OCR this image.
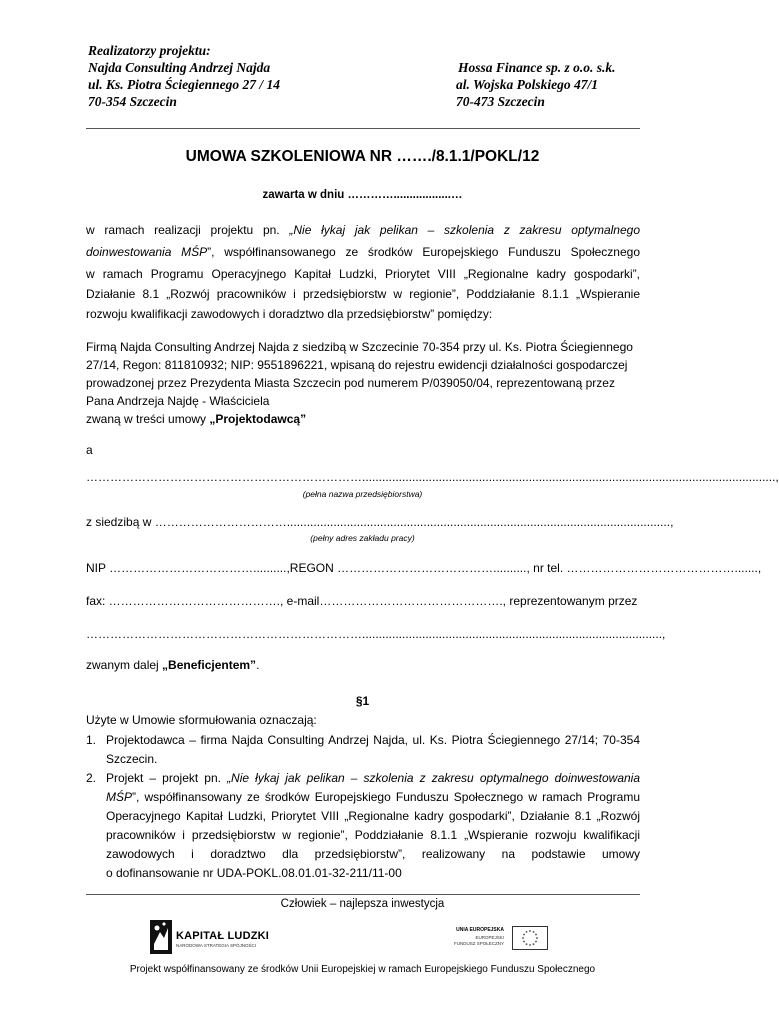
Realizatorzy projektu:
Najda Consulting Andrzej Najda
ul. Ks. Piotra Ściegiennego 27 / 14
70-354 Szczecin
Hossa Finance sp. z o.o. s.k.
al. Wojska Polskiego 47/1
70-473 Szczecin
UMOWA SZKOLENIOWA NR ……./8.1.1/POKL/12
zawarta w dniu …………..................…
w ramach realizacji projektu pn. „Nie łykaj jak pelikan – szkolenia z zakresu optymalnego
doinwestowania MŚP”, współfinansowanego ze środków Europejskiego Funduszu Społecznego
w ramach Programu Operacyjnego Kapitał Ludzki, Priorytet VIII „Regionalne kadry gospodarki”,
Działanie 8.1 „Rozwój pracowników i przedsiębiorstw w regionie”, Poddziałanie 8.1.1 „Wspieranie
rozwoju kwalifikacji zawodowych i doradztwo dla przedsiębiorstw” pomiędzy:
Firmą Najda Consulting Andrzej Najda z siedzibą w Szczecinie 70-354 przy ul. Ks. Piotra Ściegiennego
27/14, Regon: 811810932; NIP: 9551896221, wpisaną do rejestru ewidencji działalności gospodarczej
prowadzonej przez Prezydenta Miasta Szczecin pod numerem P/039050/04, reprezentowaną przez
Pana Andrzeja Najdę - Właściciela
zwaną w treści umowy „Projektodawcą”
a
……………………………………………………………............................................................................................................................,
(pełna nazwa przedsiębiorstwa)
z siedzibą w ……………………………...................................................................................................................,
(pełny adres zakładu pracy)
NIP ………………………………..........,REGON ………………………………….........., nr tel. …………………………………….......,
fax: ……………………………………., e-mail………………………………………., reprezentowanym przez
……………………………………………………………..........................................................................................,
zwanym dalej „Beneficjentem”.
§1
Użyte w Umowie sformułowania oznaczają:
1. Projektodawca – firma Najda Consulting Andrzej Najda, ul. Ks. Piotra Ściegiennego 27/14; 70-354
Szczecin.
2. Projekt – projekt pn. „Nie łykaj jak pelikan – szkolenia z zakresu optymalnego doinwestowania
MŚP”, współfinansowany ze środków Europejskiego Funduszu Społecznego w ramach Programu
Operacyjnego Kapitał Ludzki, Priorytet VIII „Regionalne kadry gospodarki”, Działanie 8.1 „Rozwój
pracowników i przedsiębiorstw w regionie”, Poddziałanie 8.1.1 „Wspieranie rozwoju kwalifikacji
zawodowych i doradztwo dla przedsiębiorstw”, realizowany na podstawie umowy
o dofinansowanie nr UDA-POKL.08.01.01-32-211/11-00
Człowiek – najlepsza inwestycja
KAPITAŁ LUDZKI
NARODOWA STRATEGIA SPÓJNOŚCI
UNIA EUROPEJSKA
EUROPEJSKI
FUNDUSZ SPOŁECZNY
Projekt współfinansowany ze środków Unii Europejskiej w ramach Europejskiego Funduszu Społecznego
